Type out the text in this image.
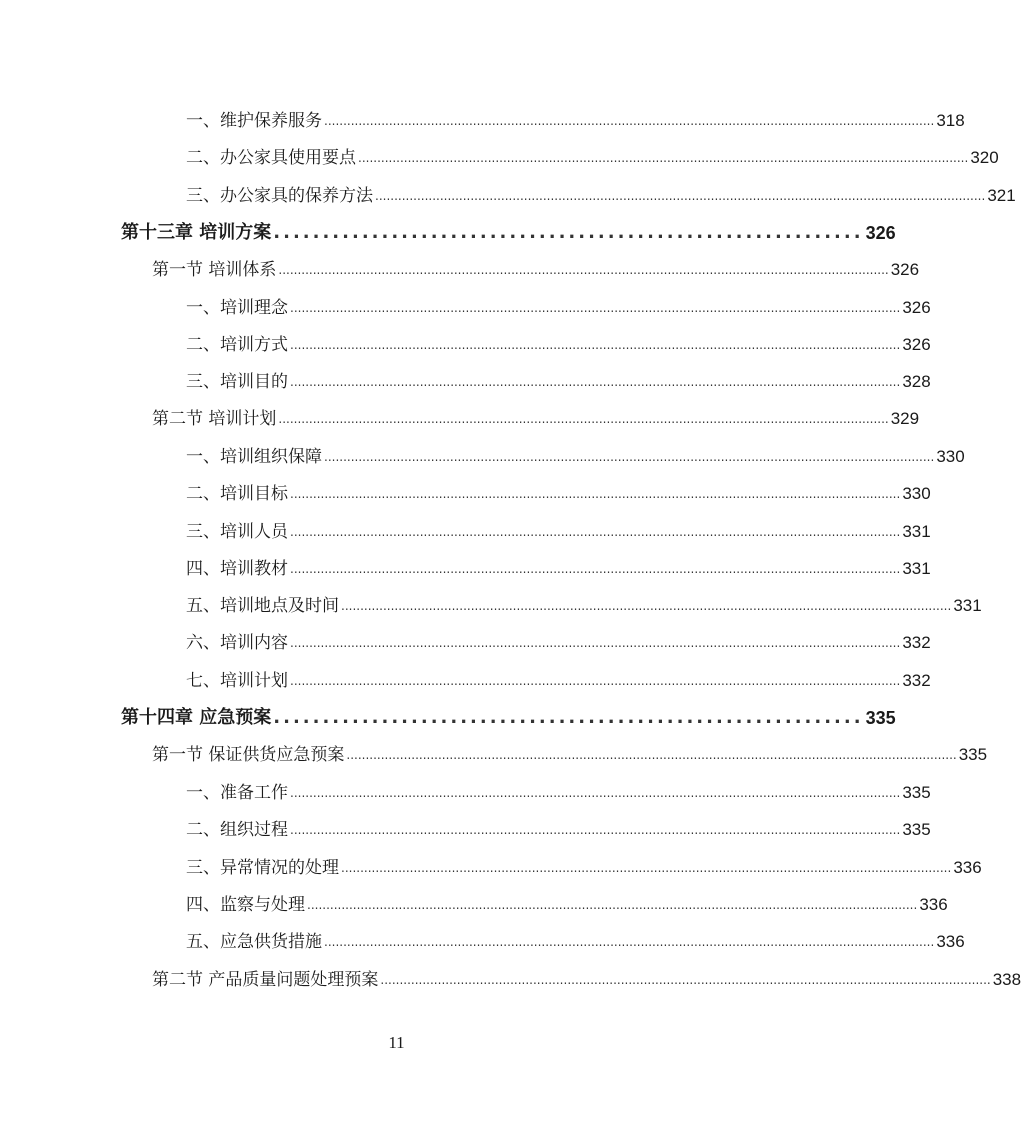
一、维护保养服务 ................................................................................................................................................................ 318
二、办公家具使用要点 ................................................................................................................................................................ 320
三、办公家具的保养方法 ................................................................................................................................................................ 321
第十三章 培训方案 ............................................................ 326
第一节 培训体系 ................................................................................................................................................................ 326
一、培训理念 ................................................................................................................................................................ 326
二、培训方式 ................................................................................................................................................................ 326
三、培训目的 ................................................................................................................................................................ 328
第二节 培训计划 ................................................................................................................................................................ 329
一、培训组织保障 ................................................................................................................................................................ 330
二、培训目标 ................................................................................................................................................................ 330
三、培训人员 ................................................................................................................................................................ 331
四、培训教材 ................................................................................................................................................................ 331
五、培训地点及时间 ................................................................................................................................................................ 331
六、培训内容 ................................................................................................................................................................ 332
七、培训计划 ................................................................................................................................................................ 332
第十四章 应急预案 ............................................................ 335
第一节 保证供货应急预案 ................................................................................................................................................................ 335
一、准备工作 ................................................................................................................................................................ 335
二、组织过程 ................................................................................................................................................................ 335
三、异常情况的处理 ................................................................................................................................................................ 336
四、监察与处理 ................................................................................................................................................................ 336
五、应急供货措施 ................................................................................................................................................................ 336
第二节 产品质量问题处理预案 ................................................................................................................................................................ 338
11
